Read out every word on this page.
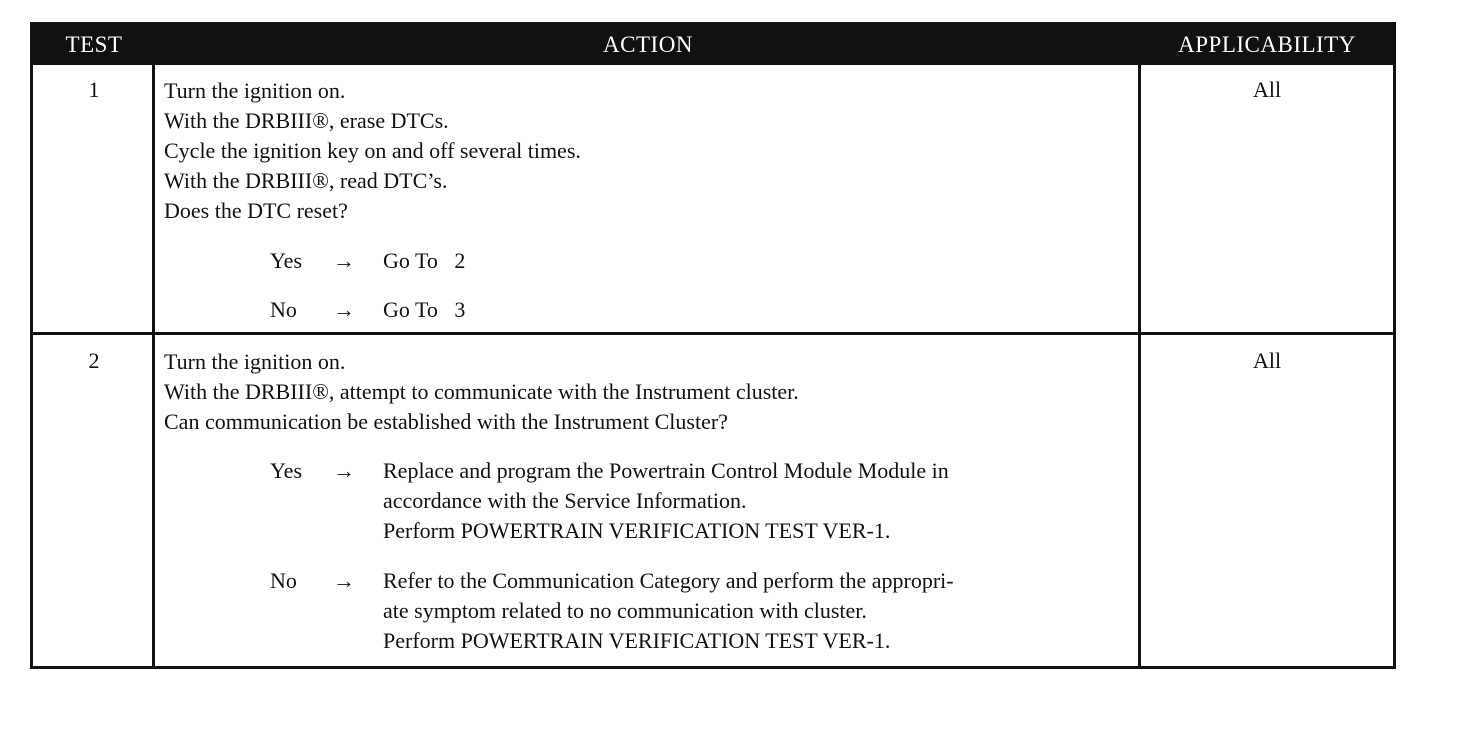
TEST	ACTION	APPLICABILITY
1	Turn the ignition on.
With the DRBIII®, erase DTCs.
Cycle the ignition key on and off several times.
With the DRBIII®, read DTC’s.
Does the DTC reset?
Yes	→	Go To   2
No	→	Go To   3
All
2	Turn the ignition on.
With the DRBIII®, attempt to communicate with the Instrument cluster.
Can communication be established with the Instrument Cluster?
Yes	→	Replace and program the Powertrain Control Module Module in
accordance with the Service Information.
Perform POWERTRAIN VERIFICATION TEST VER-1.
No	→	Refer to the Communication Category and perform the appropri-
ate symptom related to no communication with cluster.
Perform POWERTRAIN VERIFICATION TEST VER-1.
All
